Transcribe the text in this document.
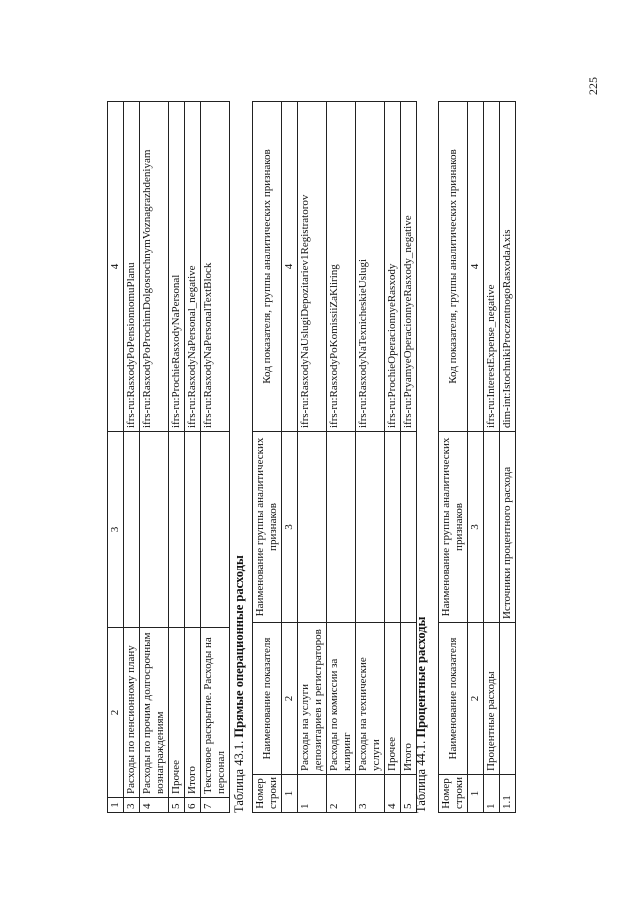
225
1	2	3	4
3	Расходы по пенсионному плану		ifrs-ru:RasxodyPoPensionnomuPlanu
4	Расходы по прочим долгосрочным вознаграждениям		ifrs-ru:RasxodyPoProchimDolgosrochnymVoznagrazhdeniyam
5	Прочее		ifrs-ru:ProchieRasxodyNaPersonal
6	Итого		ifrs-ru:RasxodyNaPersonal_negative
7	Текстовое раскрытие. Расходы на персонал		ifrs-ru:RasxodyNaPersonalTextBlock
Таблица 43.1. Прямые операционные расходы
Номер строки	Наименование показателя	Наименование группы аналитических признаков	Код показателя, группы аналитических признаков
1	2	3	4
1	Расходы на услуги депозитариев и регистраторов		ifrs-ru:RasxodyNaUslugiDepozitariev1Registratorov
2	Расходы по комиссии за клиринг		ifrs-ru:RasxodyPoKomissiiZaKliring
3	Расходы на технические услуги		ifrs-ru:RasxodyNaTexnicheskieUslugi
4	Прочее		ifrs-ru:ProchieOperacionnyeRasxody
5	Итого		ifrs-ru:PryamyeOperacionnyeRasxody_negative
Таблица 44.1. Процентные расходы
Номер строки	Наименование показателя	Наименование группы аналитических признаков	Код показателя, группы аналитических признаков
1	2	3	4
1	Процентные расходы		ifrs-ru:InterestExpense_negative
1.1		Источники процентного расхода	dim-int:IstochnikiProczentnogoRasxodaAxis
